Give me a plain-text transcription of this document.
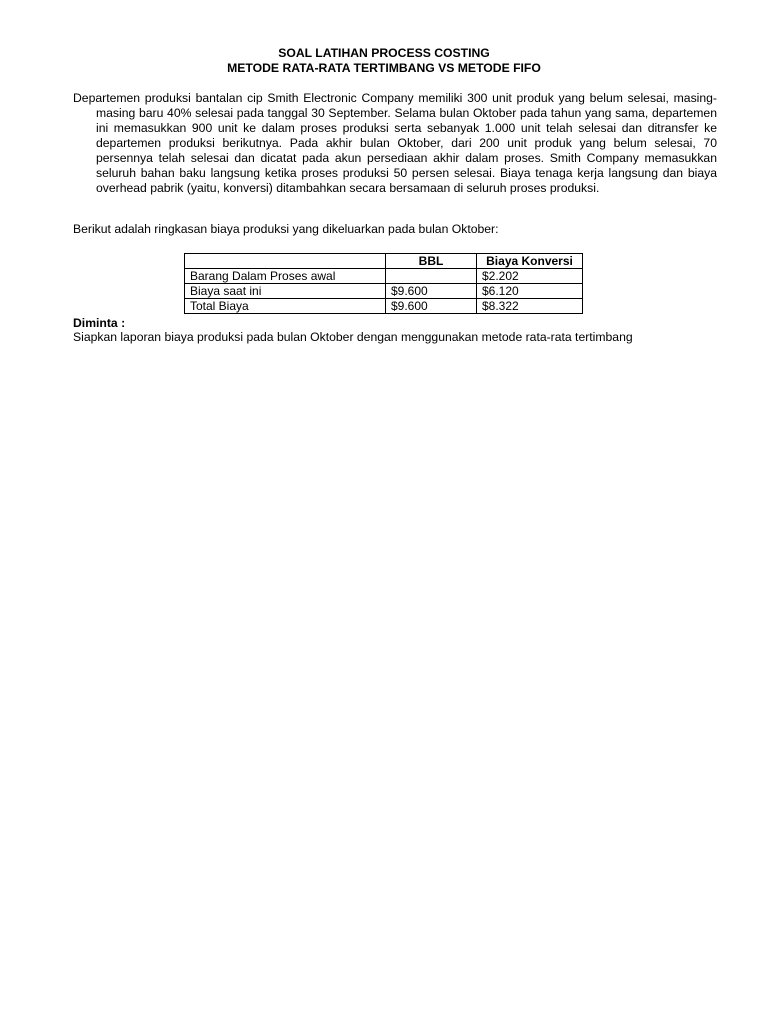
SOAL LATIHAN PROCESS COSTING
METODE RATA-RATA TERTIMBANG VS METODE FIFO
Departemen produksi bantalan cip Smith Electronic Company memiliki 300 unit produk yang belum selesai, masing-masing baru 40% selesai pada tanggal 30 September. Selama bulan Oktober pada tahun yang sama, departemen ini memasukkan 900 unit ke dalam proses produksi serta sebanyak 1.000 unit telah selesai dan ditransfer ke departemen produksi berikutnya. Pada akhir bulan Oktober, dari 200 unit produk yang belum selesai, 70 persennya telah selesai dan dicatat pada akun persediaan akhir dalam proses. Smith Company memasukkan seluruh bahan baku langsung ketika proses produksi 50 persen selesai. Biaya tenaga kerja langsung dan biaya overhead pabrik (yaitu, konversi) ditambahkan secara bersamaan di seluruh proses produksi.
Berikut adalah ringkasan biaya produksi yang dikeluarkan pada bulan Oktober:
	BBL	Biaya Konversi
Barang Dalam Proses awal		$2.202
Biaya saat ini	$9.600	$6.120
Total Biaya	$9.600	$8.322
Diminta :
Siapkan laporan biaya produksi pada bulan Oktober dengan menggunakan metode rata-rata tertimbang
